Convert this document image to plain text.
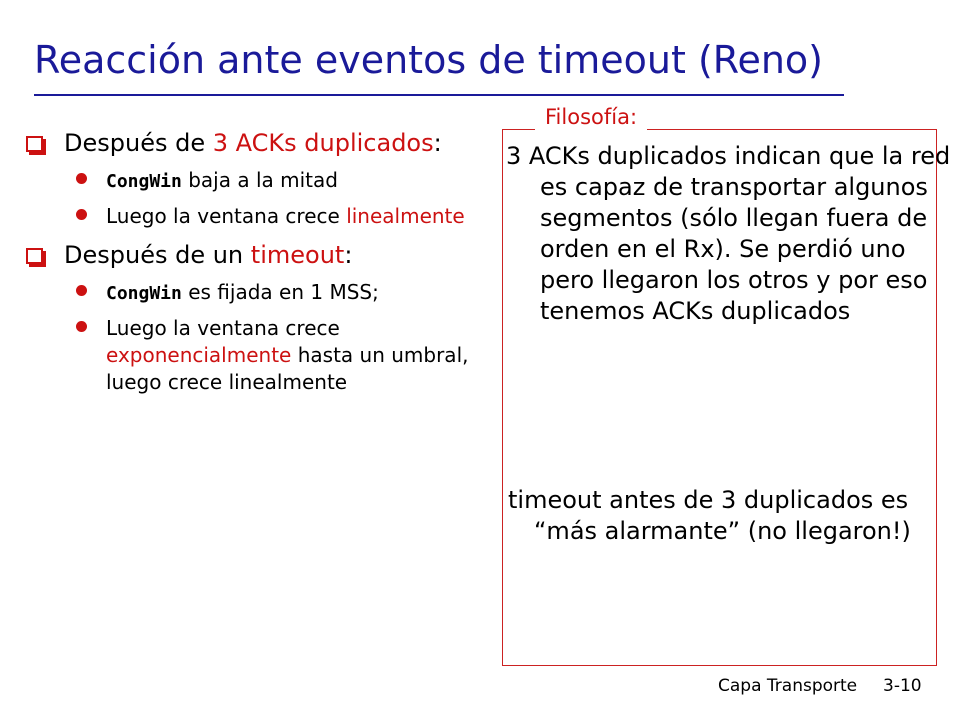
Reacción ante eventos de timeout (Reno)
Después de 3 ACKs duplicados:
CongWin baja a la mitad
Luego la ventana crece linealmente
Después de un timeout:
CongWin es fijada en 1 MSS;
Luego la ventana crece exponencialmente hasta un umbral, luego crece linealmente
Filosofía:
3 ACKs duplicados indican que la red es capaz de transportar algunos segmentos (sólo llegan fuera de orden en el Rx). Se perdió uno pero llegaron los otros y por eso tenemos ACKs duplicados
timeout antes de 3 duplicados es “más alarmante” (no llegaron!)
Capa Transporte 3-10
